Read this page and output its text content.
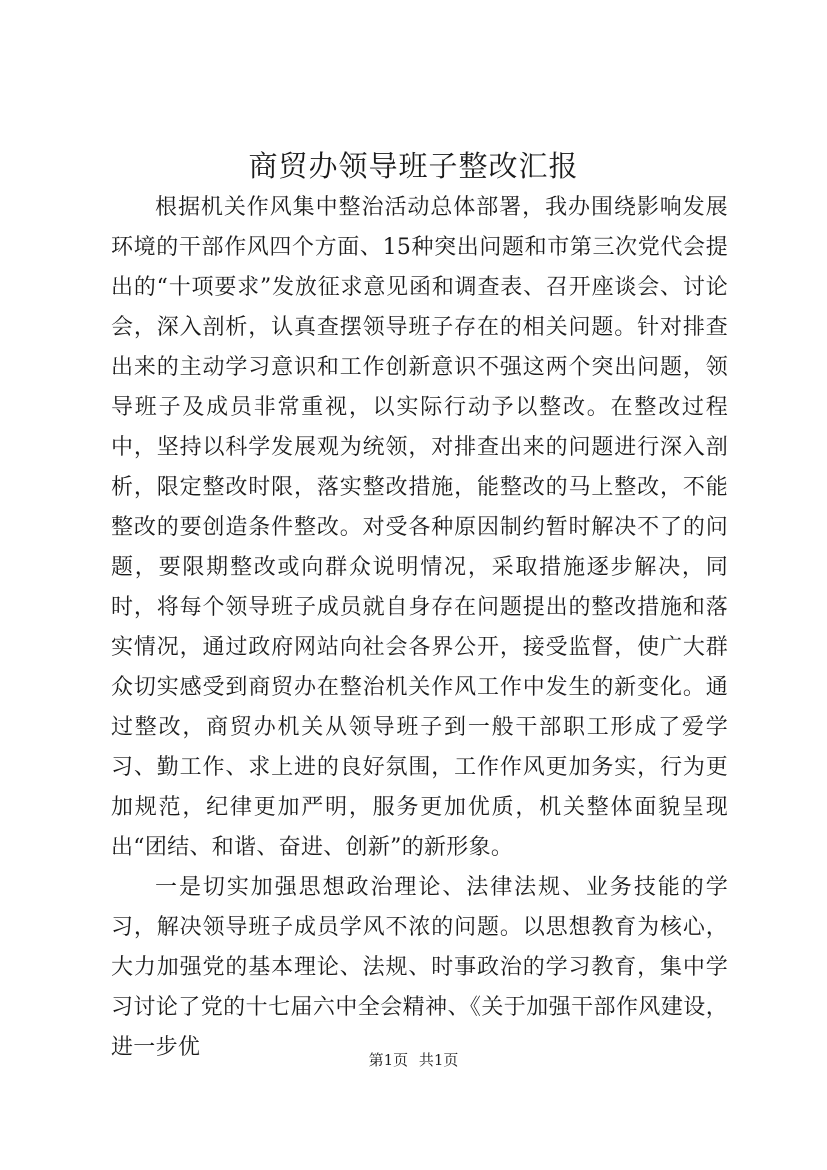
商贸办领导班子整改汇报

根据机关作风集中整治活动总体部署，我办围绕影响发展环境的干部作风四个方面、15种突出问题和市第三次党代会提出的“十项要求”发放征求意见函和调查表、召开座谈会、讨论会，深入剖析，认真查摆领导班子存在的相关问题。针对排查出来的主动学习意识和工作创新意识不强这两个突出问题，领导班子及成员非常重视，以实际行动予以整改。在整改过程中，坚持以科学发展观为统领，对排查出来的问题进行深入剖析，限定整改时限，落实整改措施，能整改的马上整改，不能整改的要创造条件整改。对受各种原因制约暂时解决不了的问题，要限期整改或向群众说明情况，采取措施逐步解决，同时，将每个领导班子成员就自身存在问题提出的整改措施和落实情况，通过政府网站向社会各界公开，接受监督，使广大群众切实感受到商贸办在整治机关作风工作中发生的新变化。通过整改，商贸办机关从领导班子到一般干部职工形成了爱学习、勤工作、求上进的良好氛围，工作作风更加务实，行为更加规范，纪律更加严明，服务更加优质，机关整体面貌呈现出“团结、和谐、奋进、创新”的新形象。

一是切实加强思想政治理论、法律法规、业务技能的学习，解决领导班子成员学风不浓的问题。以思想教育为核心，大力加强党的基本理论、法规、时事政治的学习教育，集中学习讨论了党的十七届六中全会精神、《关于加强干部作风建设，进一步优	第1页 共1页
